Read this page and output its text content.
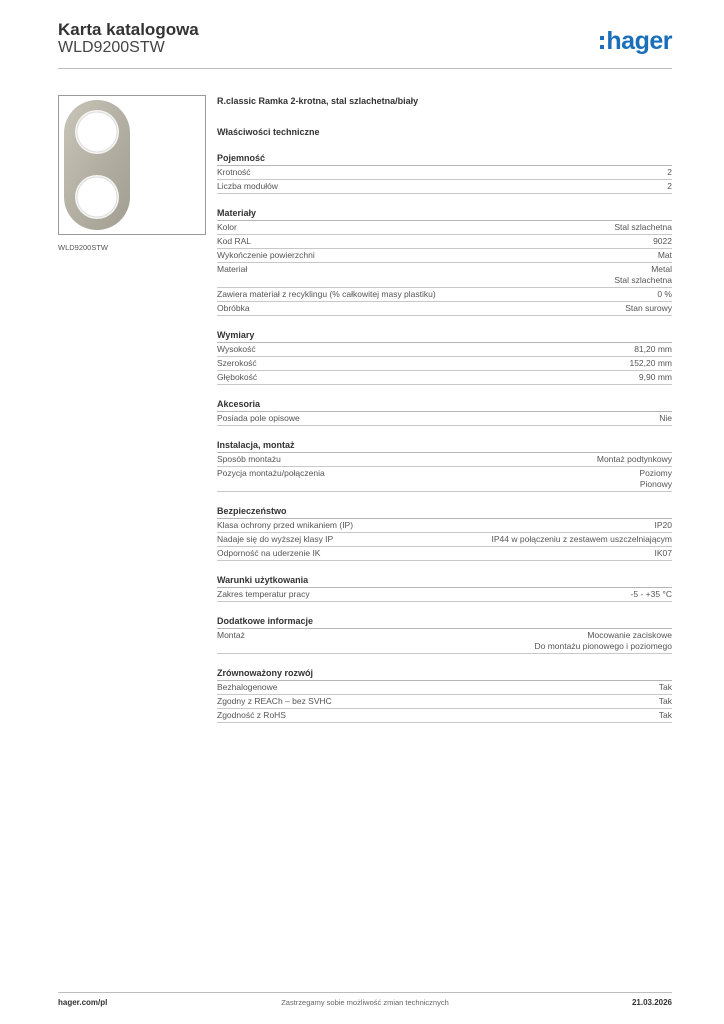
Karta katalogowa
WLD9200STW	hager
WLD9200STW
R.classic Ramka 2-krotna, stal szlachetna/biały
Właściwości techniczne
Pojemność
Krotność	2
Liczba modułów	2
Materiały
Kolor	Stal szlachetna
Kod RAL	9022
Wykończenie powierzchni	Mat
Materiał	Metal
Stal szlachetna
Zawiera materiał z recyklingu (% całkowitej masy plastiku)	0 %
Obróbka	Stan surowy
Wymiary
Wysokość	81,20 mm
Szerokość	152,20 mm
Głębokość	9,90 mm
Akcesoria
Posiada pole opisowe	Nie
Instalacja, montaż
Sposób montażu	Montaż podtynkowy
Pozycja montażu/połączenia	Poziomy
Pionowy
Bezpieczeństwo
Klasa ochrony przed wnikaniem (IP)	IP20
Nadaje się do wyższej klasy IP	IP44 w połączeniu z zestawem uszczelniającym
Odporność na uderzenie IK	IK07
Warunki użytkowania
Zakres temperatur pracy	-5 - +35 °C
Dodatkowe informacje
Montaż	Mocowanie zaciskowe
Do montażu pionowego i poziomego
Zrównoważony rozwój
Bezhalogenowe	Tak
Zgodny z REACh – bez SVHC	Tak
Zgodność z RoHS	Tak
hager.com/pl	Zastrzegamy sobie możliwość zmian technicznych	21.03.2026
